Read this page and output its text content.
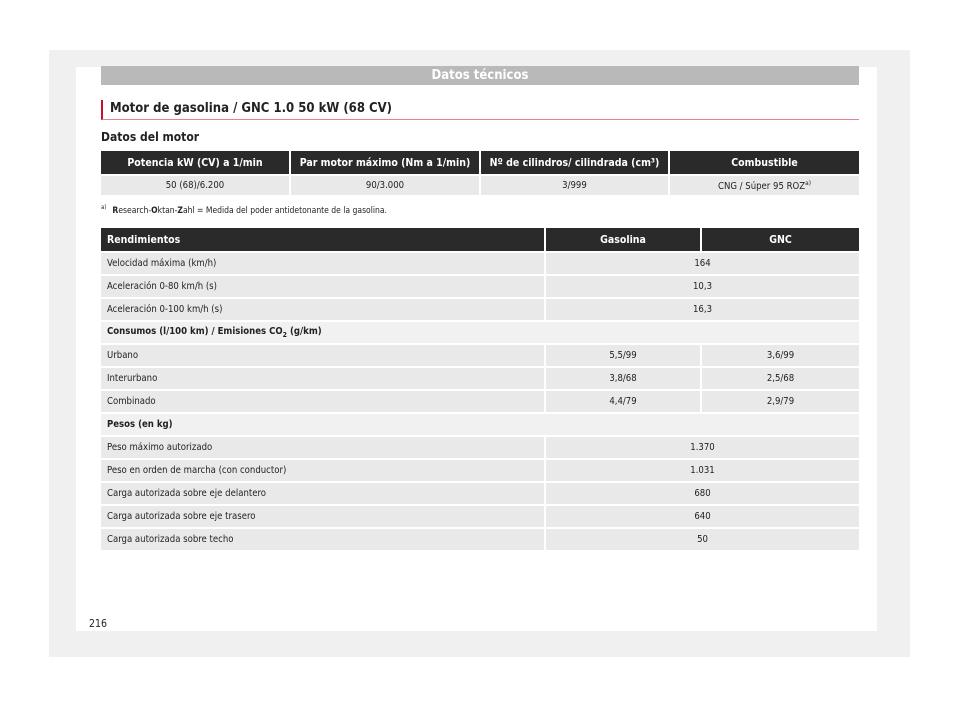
Datos técnicos
Motor de gasolina / GNC 1.0 50 kW (68 CV)
Datos del motor
Potencia kW (CV) a 1/min	Par motor máximo (Nm a 1/min)	Nº de cilindros/ cilindrada (cm³)	Combustible
50 (68)/6.200	90/3.000	3/999	CNG / Súper 95 ROZ$^{a)}$
$^{a)}$ Research-Oktan-Zahl = Medida del poder antidetonante de la gasolina.
Rendimientos	Gasolina	GNC
Velocidad máxima (km/h)	164	
Aceleración 0-80 km/h (s)	10,3	
Aceleración 0-100 km/h (s)	16,3	
Consumos (l/100 km) / Emisiones $CO_2$ (g/km)		
Urbano	5,5/99	3,6/99
Interurbano	3,8/68	2,5/68
Combinado	4,4/79	2,9/79
Pesos (en kg)		
Peso máximo autorizado	1.370	
Peso en orden de marcha (con conductor)	1.031	
Carga autorizada sobre eje delantero	680	
Carga autorizada sobre eje trasero	640	
Carga autorizada sobre techo	50	
216
